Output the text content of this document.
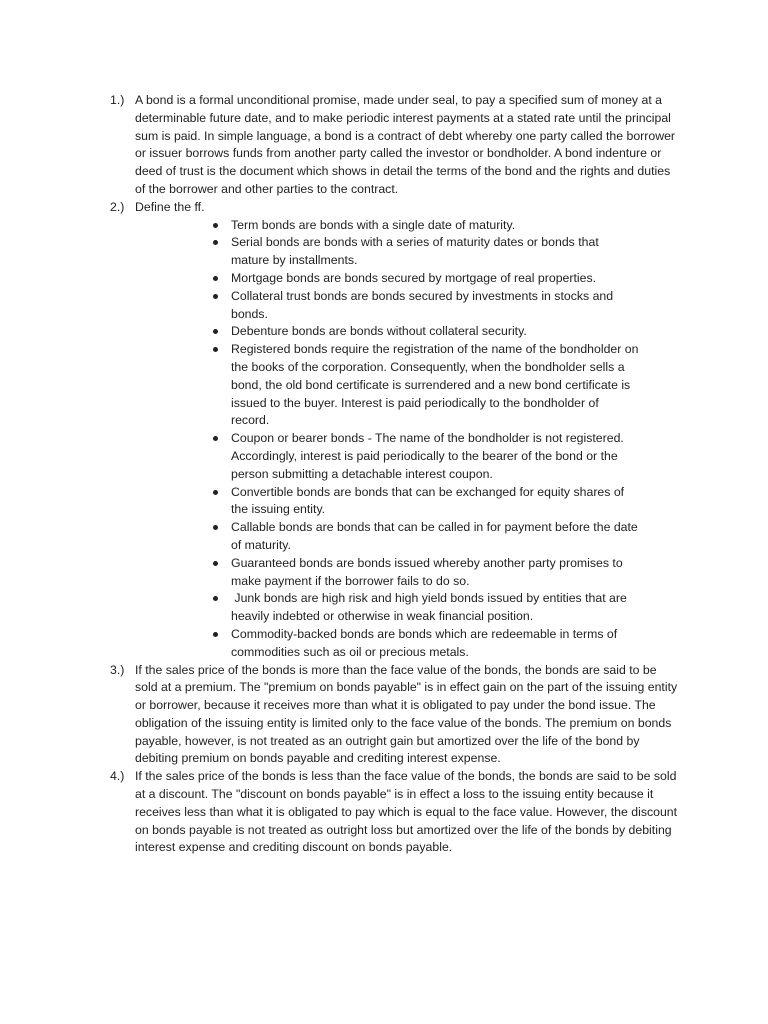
1.) A bond is a formal unconditional promise, made under seal, to pay a specified sum of money at a determinable future date, and to make periodic interest payments at a stated rate until the principal sum is paid. In simple language, a bond is a contract of debt whereby one party called the borrower or issuer borrows funds from another party called the investor or bondholder. A bond indenture or deed of trust is the document which shows in detail the terms of the bond and the rights and duties of the borrower and other parties to the contract.
2.) Define the ff.
Term bonds are bonds with a single date of maturity.
Serial bonds are bonds with a series of maturity dates or bonds that mature by installments.
Mortgage bonds are bonds secured by mortgage of real properties.
Collateral trust bonds are bonds secured by investments in stocks and bonds.
Debenture bonds are bonds without collateral security.
Registered bonds require the registration of the name of the bondholder on the books of the corporation. Consequently, when the bondholder sells a bond, the old bond certificate is surrendered and a new bond certificate is issued to the buyer. Interest is paid periodically to the bondholder of record.
Coupon or bearer bonds - The name of the bondholder is not registered. Accordingly, interest is paid periodically to the bearer of the bond or the person submitting a detachable interest coupon.
Convertible bonds are bonds that can be exchanged for equity shares of the issuing entity.
Callable bonds are bonds that can be called in for payment before the date of maturity.
Guaranteed bonds are bonds issued whereby another party promises to make payment if the borrower fails to do so.
Junk bonds are high risk and high yield bonds issued by entities that are heavily indebted or otherwise in weak financial position.
Commodity-backed bonds are bonds which are redeemable in terms of commodities such as oil or precious metals.
3.) If the sales price of the bonds is more than the face value of the bonds, the bonds are said to be sold at a premium. The "premium on bonds payable" is in effect gain on the part of the issuing entity or borrower, because it receives more than what it is obligated to pay under the bond issue. The obligation of the issuing entity is limited only to the face value of the bonds. The premium on bonds payable, however, is not treated as an outright gain but amortized over the life of the bond by debiting premium on bonds payable and crediting interest expense.
4.) If the sales price of the bonds is less than the face value of the bonds, the bonds are said to be sold at a discount. The "discount on bonds payable" is in effect a loss to the issuing entity because it receives less than what it is obligated to pay which is equal to the face value. However, the discount on bonds payable is not treated as outright loss but amortized over the life of the bonds by debiting interest expense and crediting discount on bonds payable.
